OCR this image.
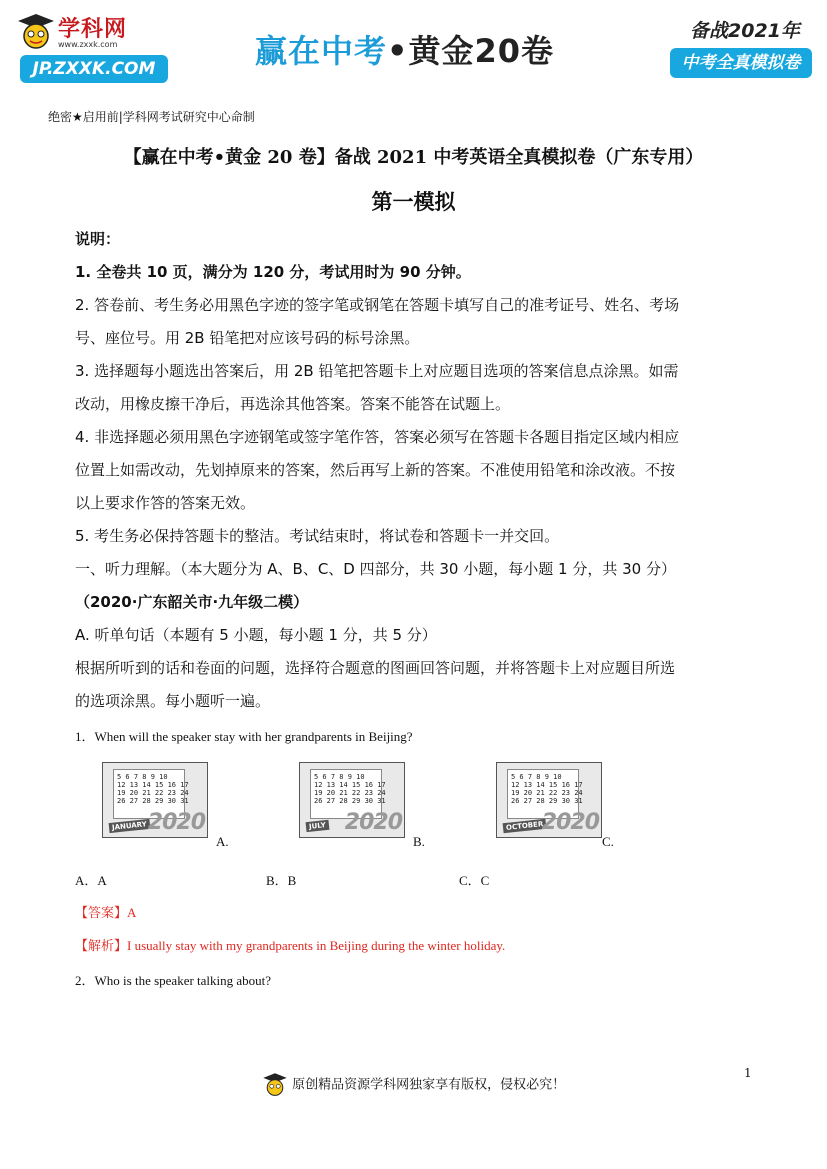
学科网
www.zxxk.com
JP.ZXXK.COM	赢在中考•黄金20卷
备战2021年
中考全真模拟卷
绝密★启用前|学科网考试研究中心命制
【赢在中考•黄金 20 卷】备战 2021 中考英语全真模拟卷（广东专用）
第一模拟
说明：
1. 全卷共 10 页，满分为 120 分，考试用时为 90 分钟。
2. 答卷前、考生务必用黑色字迹的签字笔或钢笔在答题卡填写自己的准考证号、姓名、考场
号、座位号。用 2B 铅笔把对应该号码的标号涂黑。
3. 选择题每小题选出答案后，用 2B 铅笔把答题卡上对应题目选项的答案信息点涂黑。如需
改动，用橡皮擦干净后，再选涂其他答案。答案不能答在试题上。
4. 非选择题必须用黑色字迹钢笔或签字笔作答，答案必须写在答题卡各题目指定区域内相应
位置上如需改动，先划掉原来的答案，然后再写上新的答案。不准使用铅笔和涂改液。不按
以上要求作答的答案无效。
5. 考生务必保持答题卡的整洁。考试结束时，将试卷和答题卡一并交回。
一、听力理解。（本大题分为 A、B、C、D 四部分，共 30 小题，每小题 1 分，共 30 分）
（2020·广东韶关市·九年级二模）
A. 听单句话（本题有 5 小题，每小题 1 分，共 5 分）
根据所听到的话和卷面的问题，选择符合题意的图画回答问题，并将答题卡上对应题目所选
的选项涂黑。每小题听一遍。
1．When will the speaker stay with her grandparents in Beijing?
5 6 7 8 9 10
12 13 14 15 16 17
19 20 21 22 23 24
26 27 28 29 30 31
JANUARY 2020
A.
5 6 7 8 9 10
12 13 14 15 16 17
19 20 21 22 23 24
26 27 28 29 30 31
JULY 2020
B.
5 6 7 8 9 10
12 13 14 15 16 17
19 20 21 22 23 24
26 27 28 29 30 31
OCTOBER
2020
C.
A．A	B．B	C．C
【答案】A
【解析】I usually stay with my grandparents in Beijing during the winter holiday.
2．Who is the speaker talking about?
1
原创精品资源学科网独家享有版权，侵权必究！
